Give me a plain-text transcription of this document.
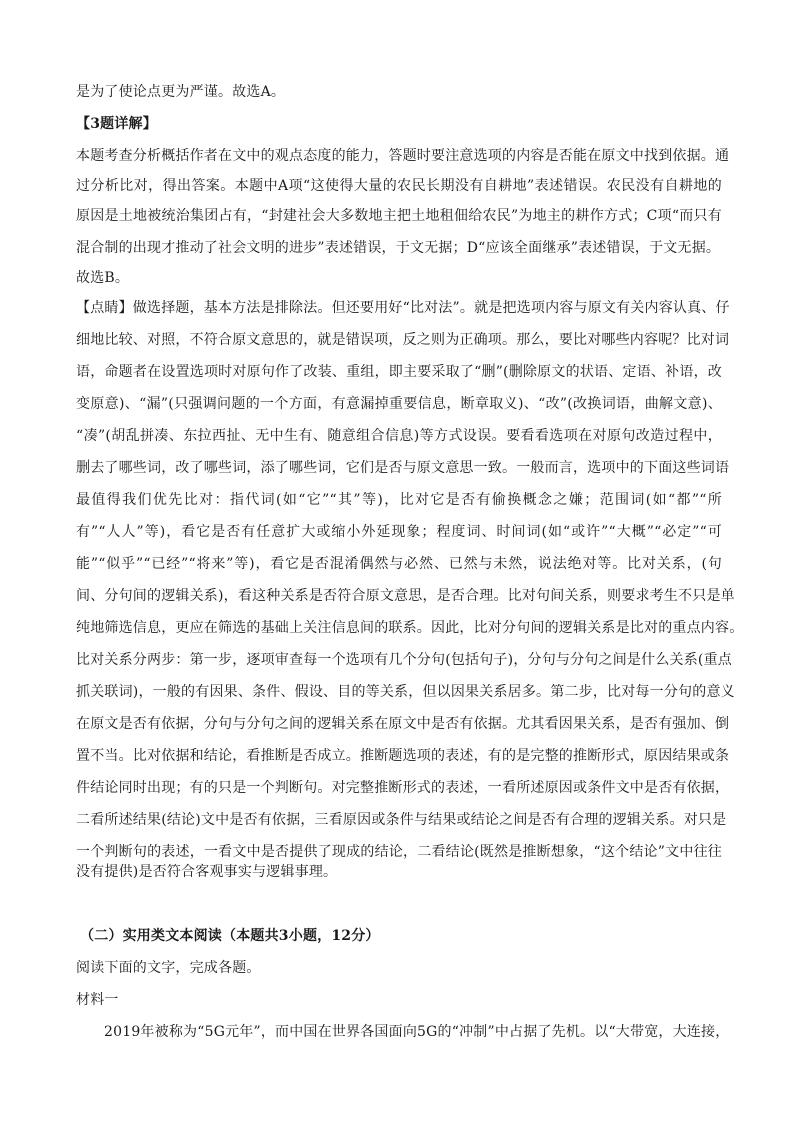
是为了使论点更为严谨。故选A。
【3题详解】
本题考查分析概括作者在文中的观点态度的能力，答题时要注意选项的内容是否能在原文中找到依据。通
过分析比对，得出答案。本题中A项“这使得大量的农民长期没有自耕地”表述错误。农民没有自耕地的
原因是土地被统治集团占有，“封建社会大多数地主把土地租佃给农民”为地主的耕作方式；C项“而只有
混合制的出现才推动了社会文明的进步”表述错误，于文无据；D“应该全面继承”表述错误，于文无据。
故选B。
【点睛】做选择题，基本方法是排除法。但还要用好“比对法”。就是把选项内容与原文有关内容认真、仔
细地比较、对照，不符合原文意思的，就是错误项，反之则为正确项。那么，要比对哪些内容呢？比对词
语，命题者在设置选项时对原句作了改装、重组，即主要采取了“删”(删除原文的状语、定语、补语，改
变原意)、“漏”(只强调问题的一个方面，有意漏掉重要信息，断章取义)、“改”(改换词语，曲解文意)、
“凑”(胡乱拼凑、东拉西扯、无中生有、随意组合信息)等方式设误。要看看选项在对原句改造过程中，
删去了哪些词，改了哪些词，添了哪些词，它们是否与原文意思一致。一般而言，选项中的下面这些词语
最值得我们优先比对：指代词(如“它”“其”等)，比对它是否有偷换概念之嫌；范围词(如“都”“所
有”“人人”等)，看它是否有任意扩大或缩小外延现象；程度词、时间词(如“或许”“大概”“必定”“可
能”“似乎”“已经”“将来”等)，看它是否混淆偶然与必然、已然与未然，说法绝对等。比对关系，(句
间、分句间的逻辑关系)，看这种关系是否符合原文意思，是否合理。比对句间关系，则要求考生不只是单
纯地筛选信息，更应在筛选的基础上关注信息间的联系。因此，比对分句间的逻辑关系是比对的重点内容。
比对关系分两步：第一步，逐项审查每一个选项有几个分句(包括句子)，分句与分句之间是什么关系(重点
抓关联词)，一般的有因果、条件、假设、目的等关系，但以因果关系居多。第二步，比对每一分句的意义
在原文是否有依据，分句与分句之间的逻辑关系在原文中是否有依据。尤其看因果关系，是否有强加、倒
置不当。比对依据和结论，看推断是否成立。推断题选项的表述，有的是完整的推断形式，原因结果或条
件结论同时出现；有的只是一个判断句。对完整推断形式的表述，一看所述原因或条件文中是否有依据，
二看所述结果(结论)文中是否有依据，三看原因或条件与结果或结论之间是否有合理的逻辑关系。对只是
一个判断句的表述，一看文中是否提供了现成的结论，二看结论(既然是推断想象，“这个结论”文中往往
没有提供)是否符合客观事实与逻辑事理。
（二）实用类文本阅读（本题共3小题，12分）
阅读下面的文字，完成各题。
材料一
2019年被称为“5G元年”，而中国在世界各国面向5G的“冲制”中占据了先机。以“大带宽，大连接，
